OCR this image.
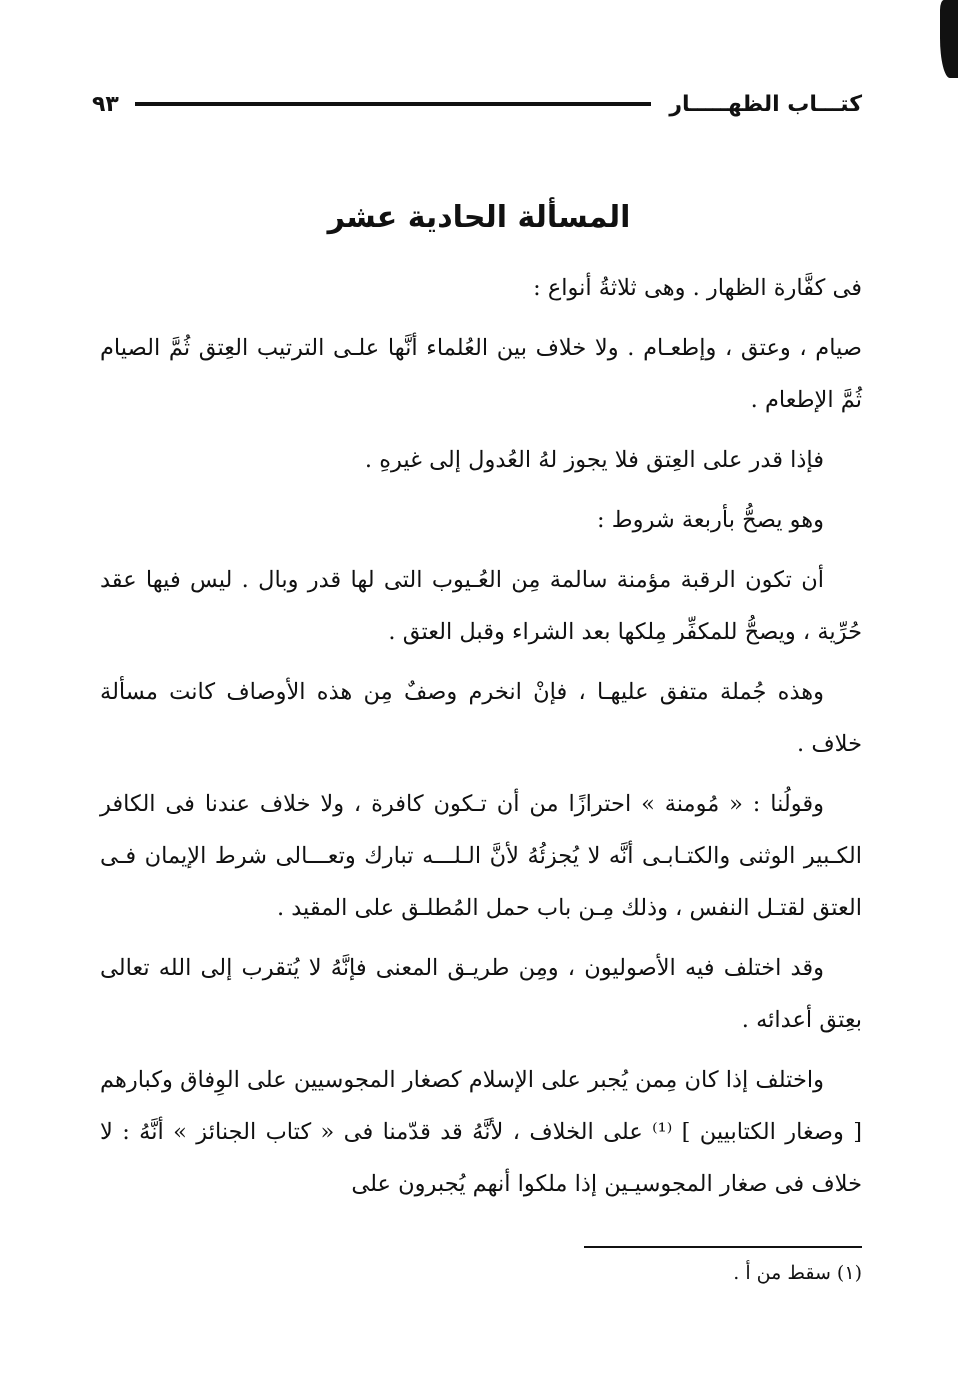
كتـــاب الظهـــــار
٩٣
المسألة الحادية عشر

فى كفَّارة الظهار . وهى ثلاثةُ أنواع :

صيام ، وعتق ، وإطعـام . ولا خلاف بين العُلماء أنَّها علـى الترتيب العِتق ثُمَّ الصيام ثُمَّ الإطعام .

فإذا قدر على العِتق فلا يجوز لهُ العُدول إلى غيرهِ .

وهو يصحُّ بأربعة شروط :

أن تكون الرقبة مؤمنة سالمة مِن العُـيوب التى لها قدر وبال . ليس فيها عقد حُرِّية ، ويصحُّ للمكفِّر مِلكها بعد الشراء وقبل العتق .

وهذه جُملة متفق عليهـا ، فإنْ انخرم وصفٌ مِن هذه الأوصاف كانت مسألة خلاف .

وقولُنا : « مُومنة » احترازًا من أن تـكون كافرة ، ولا خلاف عندنا فى الكافر الكـبير الوثنى والكتـابـى أنَّه لا يُجزئُهُ لأنَّ الـلـــه تبارك وتعـــالى شرط الإيمان فـى العتق لقتـل النفس ، وذلك مِـن باب حمل المُطلـق على المقيد .

وقد اختلف فيه الأصوليون ، ومِن طريـق المعنى فإنَّهُ لا يُتقرب إلى الله تعالى بعِتق أعدائه .

واختلف إذا كان مِمن يُجبر على الإسلام كصغار المجوسيين على الوِفاق وكبارهم [ وصغار الكتابيين ] ⁽¹⁾ على الخلاف ، لأنَّهُ قد قدّمنا فى « كتاب الجنائز » أنَّهُ : لا خلاف فى صغار المجوسيـين إذا ملكوا أنهم يُجبرون على

(١) سقط من أ .
